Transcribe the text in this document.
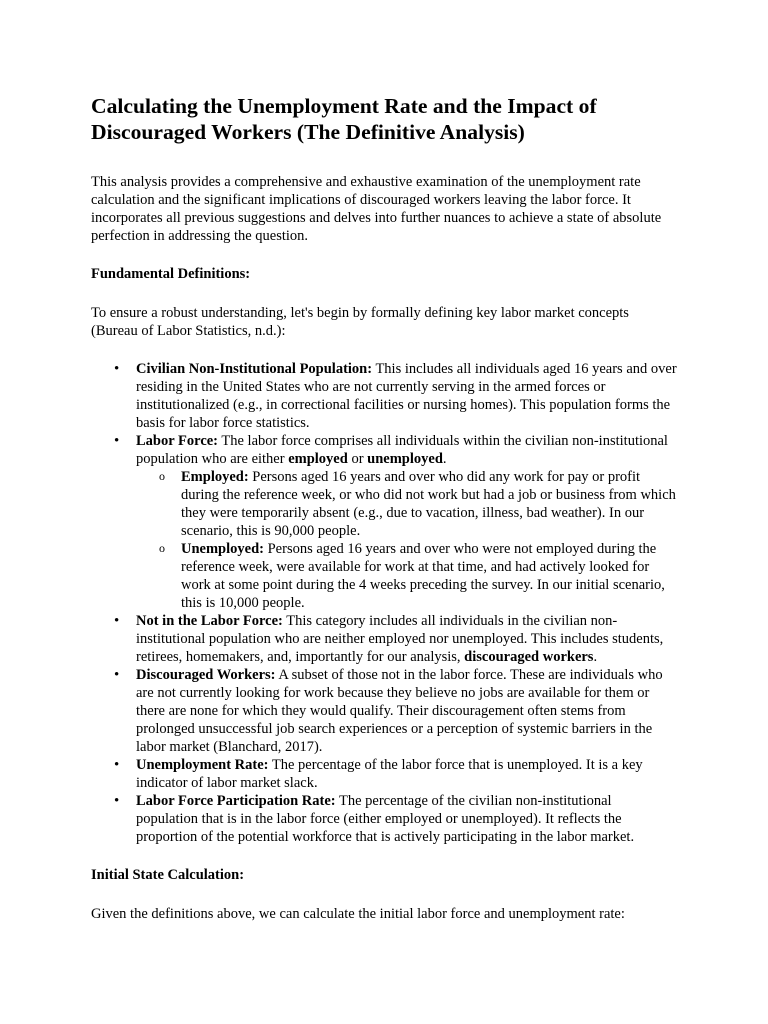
Calculating the Unemployment Rate and the Impact of Discouraged Workers (The Definitive Analysis)

This analysis provides a comprehensive and exhaustive examination of the unemployment rate calculation and the significant implications of discouraged workers leaving the labor force. It incorporates all previous suggestions and delves into further nuances to achieve a state of absolute perfection in addressing the question.

Fundamental Definitions:

To ensure a robust understanding, let's begin by formally defining key labor market concepts (Bureau of Labor Statistics, n.d.):

• Civilian Non-Institutional Population: This includes all individuals aged 16 years and over residing in the United States who are not currently serving in the armed forces or institutionalized (e.g., in correctional facilities or nursing homes). This population forms the basis for labor force statistics.
• Labor Force: The labor force comprises all individuals within the civilian non-institutional population who are either employed or unemployed.
o Employed: Persons aged 16 years and over who did any work for pay or profit during the reference week, or who did not work but had a job or business from which they were temporarily absent (e.g., due to vacation, illness, bad weather). In our scenario, this is 90,000 people.
o Unemployed: Persons aged 16 years and over who were not employed during the reference week, were available for work at that time, and had actively looked for work at some point during the 4 weeks preceding the survey. In our initial scenario, this is 10,000 people.
• Not in the Labor Force: This category includes all individuals in the civilian non-institutional population who are neither employed nor unemployed. This includes students, retirees, homemakers, and, importantly for our analysis, discouraged workers.
• Discouraged Workers: A subset of those not in the labor force. These are individuals who are not currently looking for work because they believe no jobs are available for them or there are none for which they would qualify. Their discouragement often stems from prolonged unsuccessful job search experiences or a perception of systemic barriers in the labor market (Blanchard, 2017).
• Unemployment Rate: The percentage of the labor force that is unemployed. It is a key indicator of labor market slack.
• Labor Force Participation Rate: The percentage of the civilian non-institutional population that is in the labor force (either employed or unemployed). It reflects the proportion of the potential workforce that is actively participating in the labor market.

Initial State Calculation:

Given the definitions above, we can calculate the initial labor force and unemployment rate:
